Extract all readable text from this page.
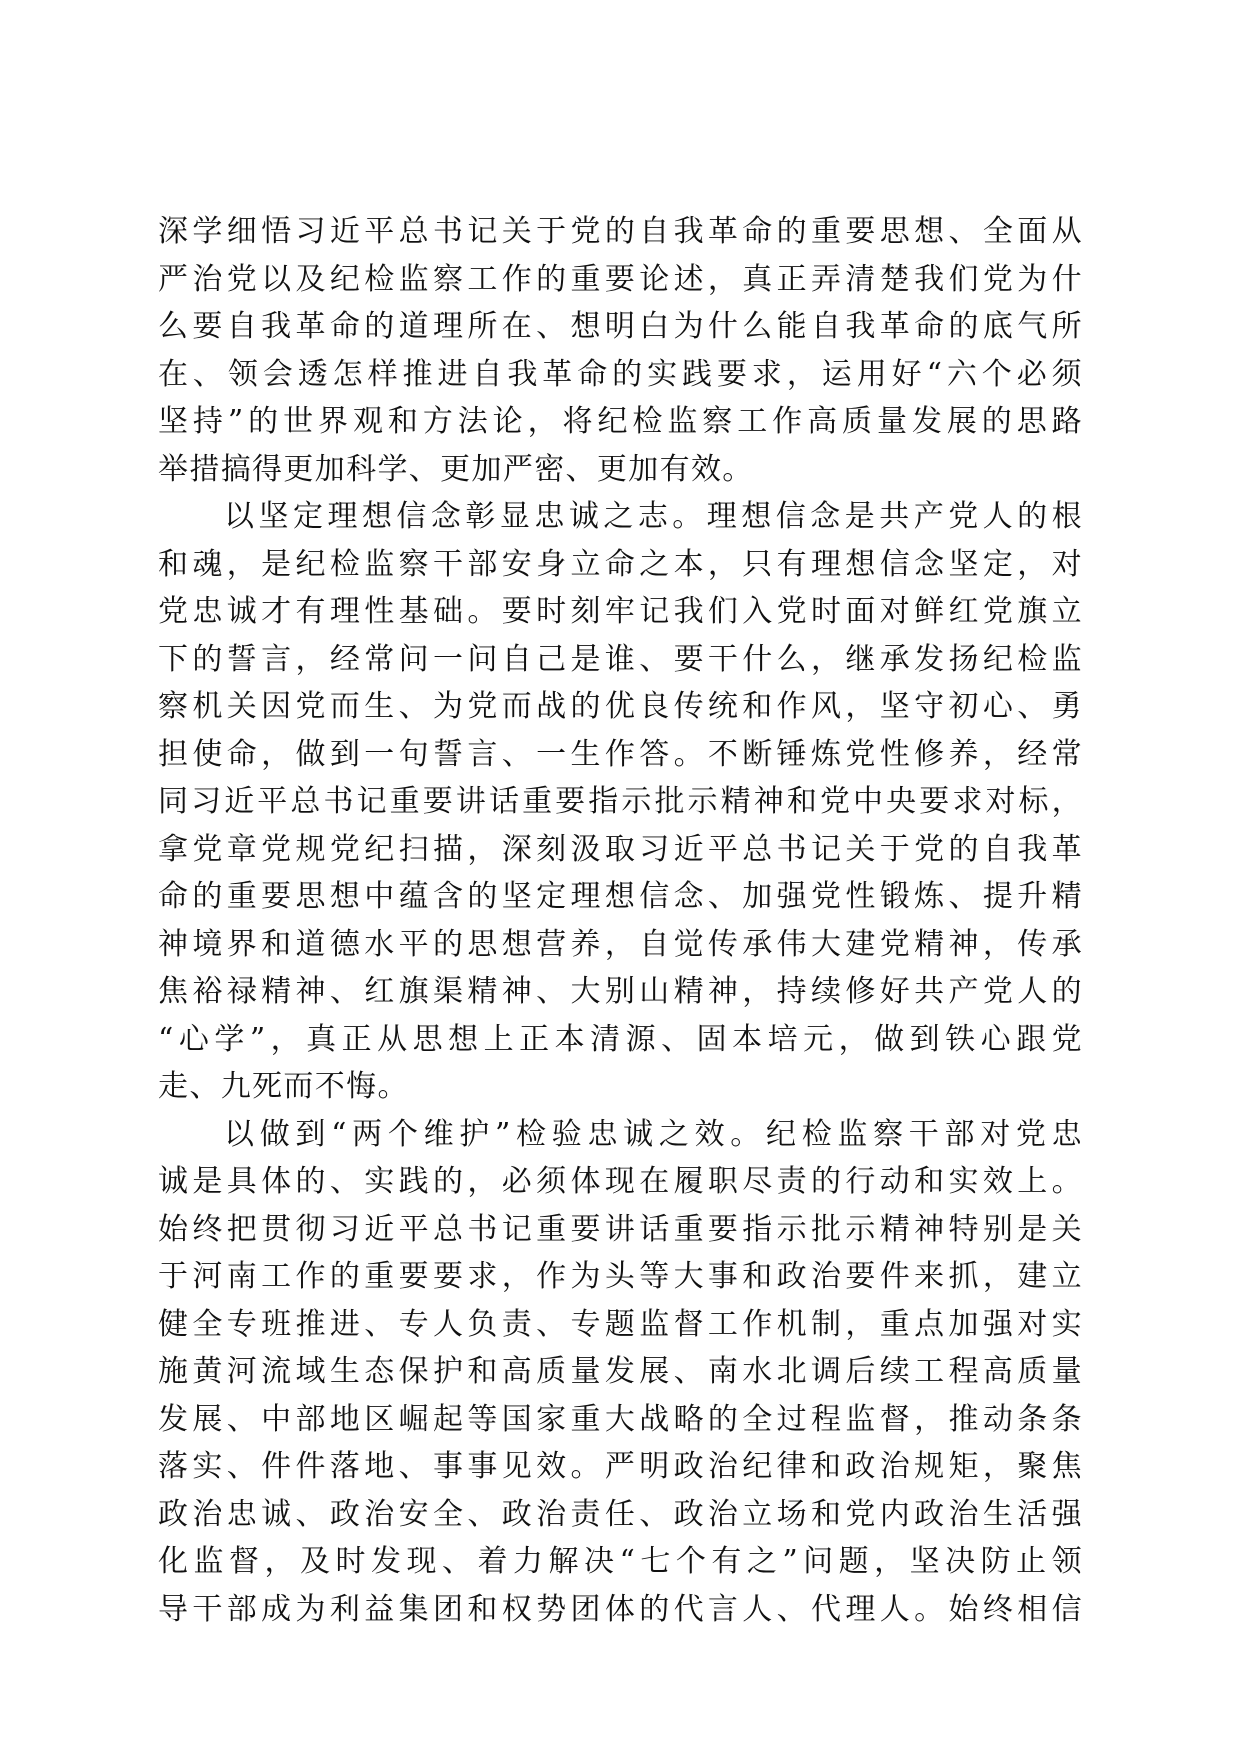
深学细悟习近平总书记关于党的自我革命的重要思想、全面从
严治党以及纪检监察工作的重要论述，真正弄清楚我们党为什
么要自我革命的道理所在、想明白为什么能自我革命的底气所
在、领会透怎样推进自我革命的实践要求，运用好“六个必须
坚持”的世界观和方法论，将纪检监察工作高质量发展的思路
举措搞得更加科学、更加严密、更加有效。
以坚定理想信念彰显忠诚之志。理想信念是共产党人的根
和魂，是纪检监察干部安身立命之本，只有理想信念坚定，对
党忠诚才有理性基础。要时刻牢记我们入党时面对鲜红党旗立
下的誓言，经常问一问自己是谁、要干什么，继承发扬纪检监
察机关因党而生、为党而战的优良传统和作风，坚守初心、勇
担使命，做到一句誓言、一生作答。不断锤炼党性修养，经常
同习近平总书记重要讲话重要指示批示精神和党中央要求对标，
拿党章党规党纪扫描，深刻汲取习近平总书记关于党的自我革
命的重要思想中蕴含的坚定理想信念、加强党性锻炼、提升精
神境界和道德水平的思想营养，自觉传承伟大建党精神，传承
焦裕禄精神、红旗渠精神、大别山精神，持续修好共产党人的
“心学”，真正从思想上正本清源、固本培元，做到铁心跟党
走、九死而不悔。
以做到“两个维护”检验忠诚之效。纪检监察干部对党忠
诚是具体的、实践的，必须体现在履职尽责的行动和实效上。
始终把贯彻习近平总书记重要讲话重要指示批示精神特别是关
于河南工作的重要要求，作为头等大事和政治要件来抓，建立
健全专班推进、专人负责、专题监督工作机制，重点加强对实
施黄河流域生态保护和高质量发展、南水北调后续工程高质量
发展、中部地区崛起等国家重大战略的全过程监督，推动条条
落实、件件落地、事事见效。严明政治纪律和政治规矩，聚焦
政治忠诚、政治安全、政治责任、政治立场和党内政治生活强
化监督，及时发现、着力解决“七个有之”问题，坚决防止领
导干部成为利益集团和权势团体的代言人、代理人。始终相信
